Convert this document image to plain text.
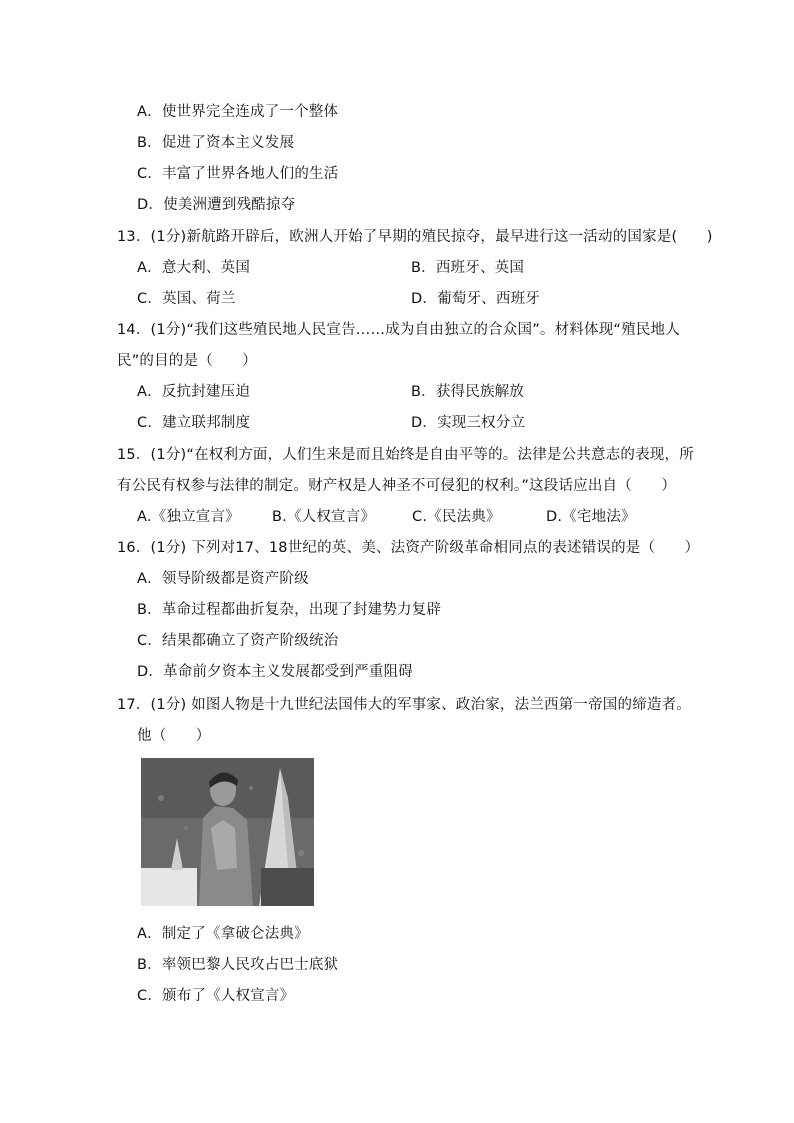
A．使世界完全连成了一个整体
B．促进了资本主义发展
C．丰富了世界各地人们的生活
D．使美洲遭到残酷掠夺
13．(1分)新航路开辟后，欧洲人开始了早期的殖民掠夺，最早进行这一活动的国家是(　　)
A．意大利、英国	B．西班牙、英国
C．英国、荷兰	D．葡萄牙、西班牙
14．(1分)“我们这些殖民地人民宣告……成为自由独立的合众国”。材料体现“殖民地人
民”的目的是（　　）
A．反抗封建压迫	B．获得民族解放
C．建立联邦制度	D．实现三权分立
15．(1分)“在权利方面，人们生来是而且始终是自由平等的。法律是公共意志的表现，所
有公民有权参与法律的制定。财产权是人神圣不可侵犯的权利。”这段话应出自（　　）
A.《独立宣言》 B.《人权宣言》	C.《民法典》	D.《宅地法》
16．(1分) 下列对17、18世纪的英、美、法资产阶级革命相同点的表述错误的是（　　）
A．领导阶级都是资产阶级
B．革命过程都曲折复杂，出现了封建势力复辟
C．结果都确立了资产阶级统治
D．革命前夕资本主义发展都受到严重阻碍
17．(1分) 如图人物是十九世纪法国伟大的军事家、政治家，法兰西第一帝国的缔造者。
他（　　）
A．制定了《拿破仑法典》
B．率领巴黎人民攻占巴士底狱
C．颁布了《人权宣言》
